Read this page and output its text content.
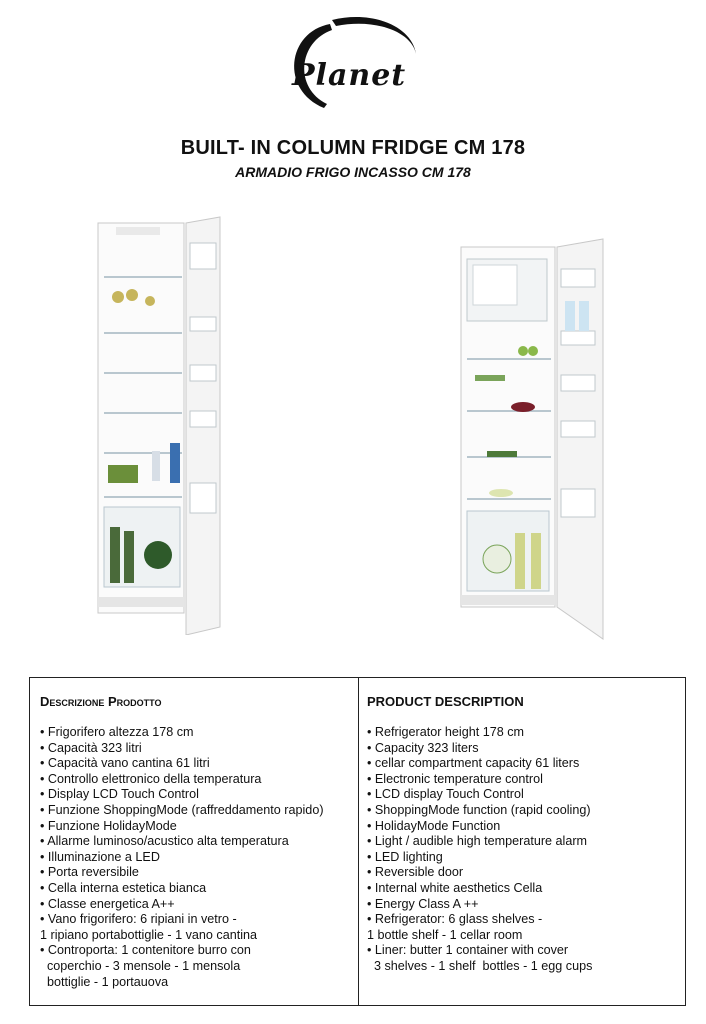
Planet
BUILT- IN COLUMN FRIDGE CM 178
ARMADIO FRIGO INCASSO CM 178
Descrizione Prodotto
• Frigorifero altezza 178 cm
• Capacità 323 litri
• Capacità vano cantina 61 litri
• Controllo elettronico della temperatura
• Display LCD Touch Control
• Funzione ShoppingMode (raffreddamento rapido)
• Funzione HolidayMode
• Allarme luminoso/acustico alta temperatura
• Illuminazione a LED
• Porta reversibile
• Cella interna estetica bianca
• Classe energetica A++
• Vano frigorifero: 6 ripiani in vetro -
1 ripiano portabottiglie - 1 vano cantina
• Controporta: 1 contenitore burro con
coperchio - 3 mensole - 1 mensola
bottiglie - 1 portauova
PRODUCT DESCRIPTION
• Refrigerator height 178 cm
• Capacity 323 liters
• cellar compartment capacity 61 liters
• Electronic temperature control
• LCD display Touch Control
• ShoppingMode function (rapid cooling)
• HolidayMode Function
• Light / audible high temperature alarm
• LED lighting
• Reversible door
• Internal white aesthetics Cella
• Energy Class A ++
• Refrigerator: 6 glass shelves -
1 bottle shelf - 1 cellar room
• Liner: butter 1 container with cover
3 shelves - 1 shelf  bottles - 1 egg cups
